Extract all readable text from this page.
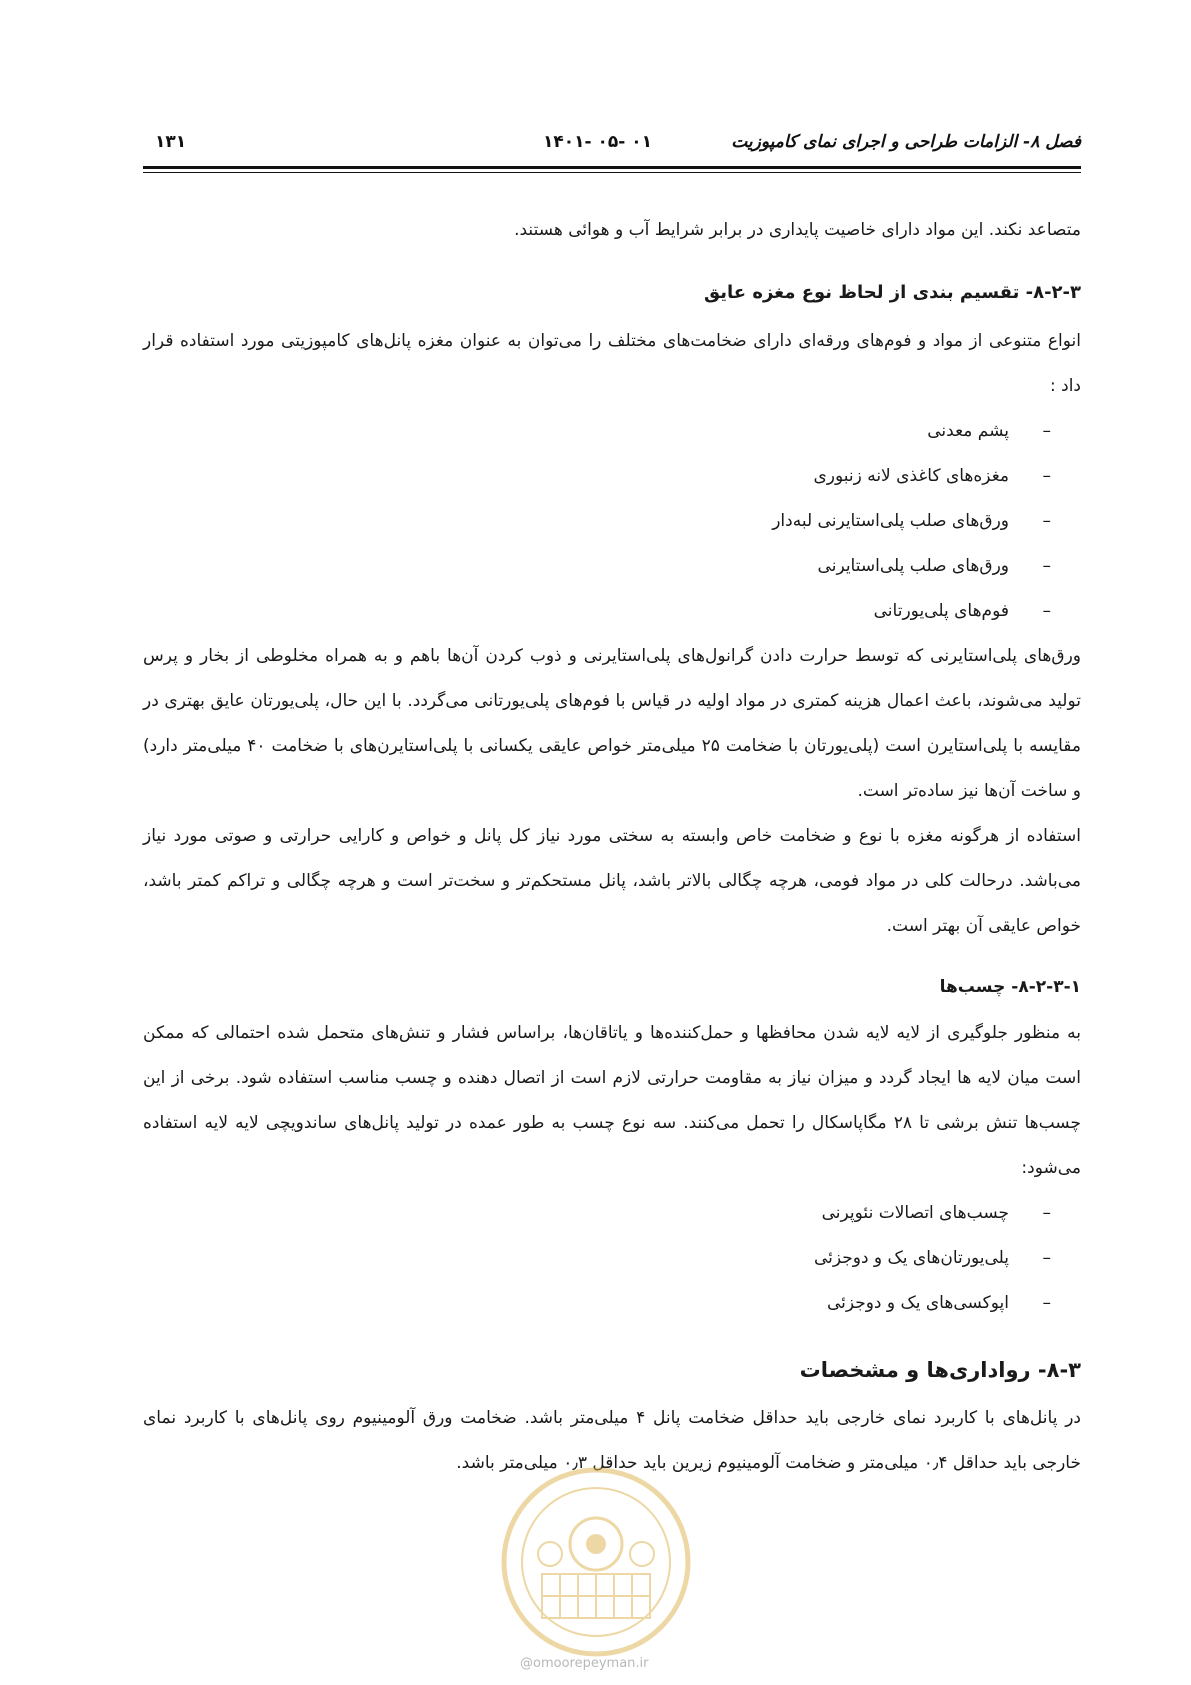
فصل ۸- الزامات طراحی و اجرای نمای کامپوزیت
۰۱ -۰۵ -۱۴۰۱
۱۳۱

متصاعد نکند. این مواد دارای خاصیت پایداری در برابر شرایط آب و هوائی هستند.

۸-۲-۳- تقسیم بندی از لحاظ نوع مغزه عایق

انواع متنوعی از مواد و فوم‌های ورقه‌ای دارای ضخامت‌های مختلف را می‌توان به عنوان مغزه پانل‌های کامپوزیتی مورد استفاده قرار داد :

– پشم معدنی
– مغزه‌های کاغذی لانه زنبوری
– ورق‌های صلب پلی‌استایرنی لبه‌دار
– ورق‌های صلب پلی‌استایرنی
– فوم‌های پلی‌یورتانی

ورق‌های پلی‌استایرنی که توسط حرارت دادن گرانول‌های پلی‌استایرنی و ذوب کردن آن‌ها باهم و به همراه مخلوطی از بخار و پرس تولید می‌شوند، باعث اعمال هزینه کمتری در مواد اولیه در قیاس با فوم‌های پلی‌یورتانی می‌گردد. با این حال، پلی‌یورتان عایق بهتری در مقایسه با پلی‌استایرن است (پلی‌یورتان با ضخامت ۲۵ میلی‌متر خواص عایقی یکسانی با پلی‌استایرن‌های با ضخامت ۴۰ میلی‌متر دارد) و ساخت آن‌ها نیز ساده‌تر است.

استفاده از هرگونه مغزه با نوع و ضخامت خاص وابسته به سختی مورد نیاز کل پانل و خواص و کارایی حرارتی و صوتی مورد نیاز می‌باشد. درحالت کلی در مواد فومی، هرچه چگالی بالاتر باشد، پانل مستحکم‌تر و سخت‌تر است و هرچه چگالی و تراکم کمتر باشد، خواص عایقی آن بهتر است.

۸-۲-۳-۱- چسب‌ها

به منظور جلوگیری از لایه لایه شدن محافظها و حمل‌کننده‌ها و یاتاقان‌ها، براساس فشار و تنش‌های متحمل شده احتمالی که ممکن است میان لایه ها ایجاد گردد و میزان نیاز به مقاومت حرارتی لازم است از اتصال دهنده و چسب مناسب استفاده شود. برخی از این چسب‌ها تنش برشی تا ۲۸ مگاپاسکال را تحمل می‌کنند. سه نوع چسب به طور عمده در تولید پانل‌های ساندویچی لایه لایه استفاده می‌شود:

– چسب‌های اتصالات نئوپرنی
– پلی‌یورتان‌های یک و دوجزئی
– اپوکسی‌های یک و دوجزئی
۸-۳- رواداری‌ها و مشخصات

در پانل‌های با کاربرد نمای خارجی باید حداقل ضخامت پانل ۴ میلی‌متر باشد. ضخامت ورق آلومینیوم روی پانل‌های با کاربرد نمای خارجی باید حداقل ۰٫۴ میلی‌متر و ضخامت آلومینیوم زیرین باید حداقل ۰٫۳ میلی‌متر باشد.

@omoorepeyman.ir
